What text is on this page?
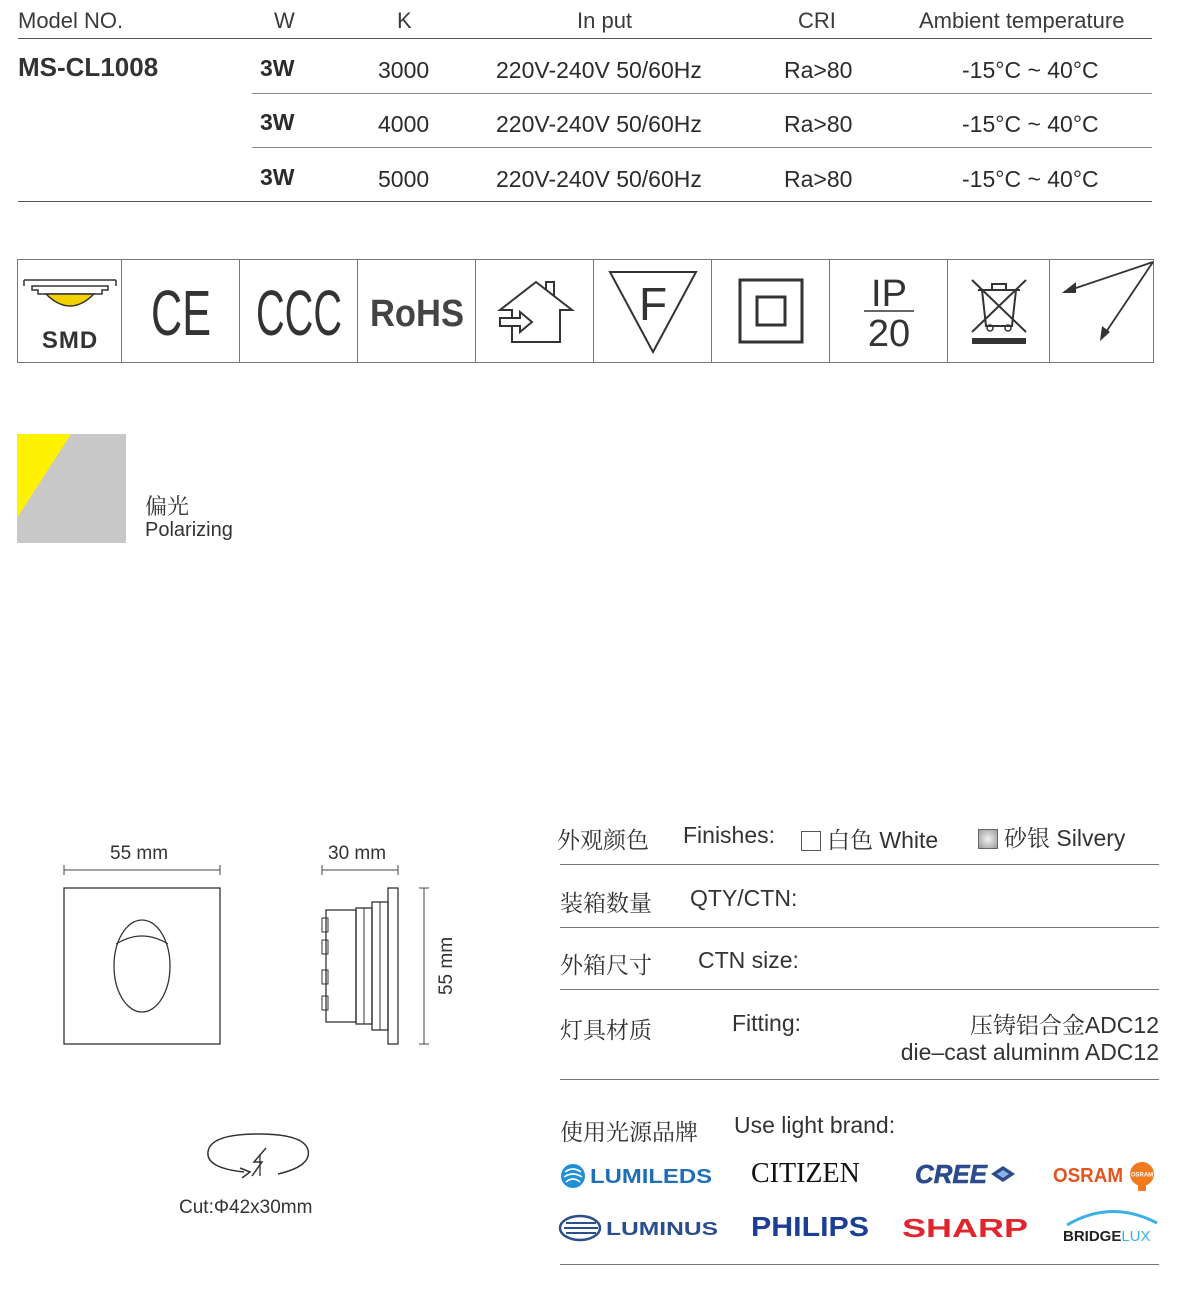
Model NO.	W	K	In put	CRI	Ambient temperature
MS-CL1008	3W	3000	220V-240V 50/60Hz	Ra>80	-15°C ~ 40°C
3W	4000	220V-240V 50/60Hz	Ra>80	-15°C ~ 40°C
3W	5000	220V-240V 50/60Hz	Ra>80	-15°C ~ 40°C
SMD CE CCC RoHS	F	IP
20
偏光
Polarizing
55 mm	30 mm
55 mm
Cut:Φ42x30mm
外观颜色 Finishes:	白色 White	砂银 Silvery
装箱数量 QTY/CTN:
外箱尺寸 CTN size:
灯具材质	Fitting:	压铸铝合金ADC12
die–cast aluminm ADC12
使用光源品牌 Use light brand:
LUMILEDS CITIZEN CREE	OSRAM OSRAM
LUMINUS PHILIPS SHARP BRIDGELUX
